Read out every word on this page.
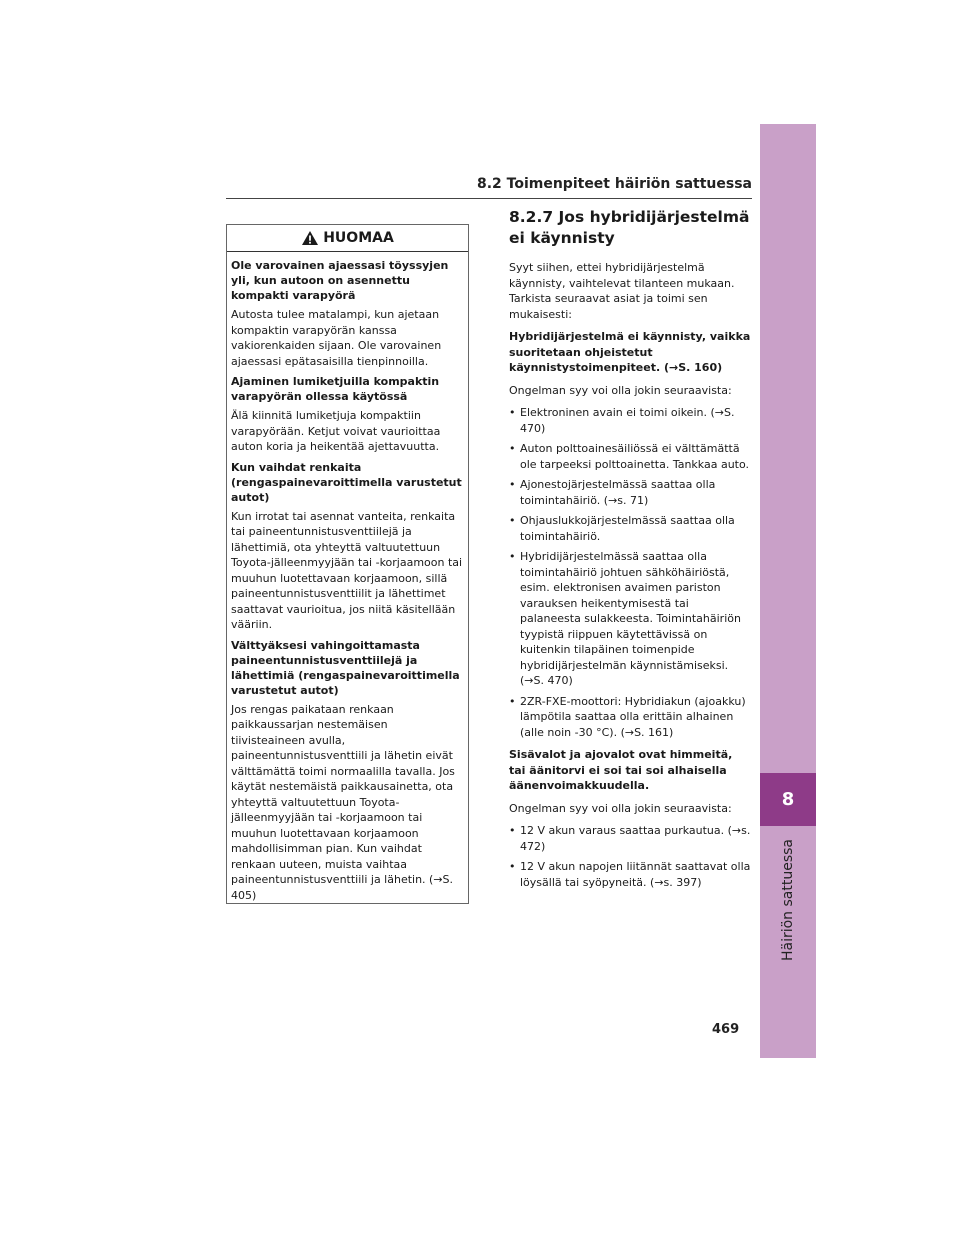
8.2 Toimenpiteet häiriön sattuessa
8
Häiriön sattuessa
HUOMAA

Ole varovainen ajaessasi töyssyjen yli, kun autoon on asennettu kompakti varapyörä

Autosta tulee matalampi, kun ajetaan kompaktin varapyörän kanssa vakiorenkaiden sijaan. Ole varovainen ajaessasi epätasaisilla tienpinnoilla.

Ajaminen lumiketjuilla kompaktin varapyörän ollessa käytössä

Älä kiinnitä lumiketjuja kompaktiin varapyörään. Ketjut voivat vaurioittaa auton koria ja heikentää ajettavuutta.

Kun vaihdat renkaita (rengaspainevaroittimella varustetut autot)

Kun irrotat tai asennat vanteita, renkaita tai paineentunnistusventtiilejä ja lähettimiä, ota yhteyttä valtuutettuun Toyota-jälleenmyyjään tai -korjaamoon tai muuhun luotettavaan korjaamoon, sillä paineentunnistusventtiilit ja lähettimet saattavat vaurioitua, jos niitä käsitellään vääriin.

Välttyäksesi vahingoittamasta paineentunnistusventtiilejä ja lähettimiä (rengaspainevaroittimella varustetut autot)

Jos rengas paikataan renkaan paikkaussarjan nestemäisen tiivisteaineen avulla, paineentunnistusventtiili ja lähetin eivät välttämättä toimi normaalilla tavalla. Jos käytät nestemäistä paikkausainetta, ota yhteyttä valtuutettuun Toyota-jälleenmyyjään tai -korjaamoon tai muuhun luotettavaan korjaamoon mahdollisimman pian. Kun vaihdat renkaan uuteen, muista vaihtaa paineentunnistusventtiili ja lähetin. (→S. 405)

8.2.7 Jos hybridijärjestelmä ei käynnisty

Syyt siihen, ettei hybridijärjestelmä käynnisty, vaihtelevat tilanteen mukaan. Tarkista seuraavat asiat ja toimi sen mukaisesti:

Hybridijärjestelmä ei käynnisty, vaikka suoritetaan ohjeistetut käynnistystoimenpiteet. (→S. 160)

Ongelman syy voi olla jokin seuraavista:

• Elektroninen avain ei toimi oikein. (→S. 470)
• Auton polttoainesäiliössä ei välttämättä ole tarpeeksi polttoainetta. Tankkaa auto.
• Ajonestojärjestelmässä saattaa olla toimintahäiriö. (→s. 71)
• Ohjauslukkojärjestelmässä saattaa olla toimintahäiriö.
• Hybridijärjestelmässä saattaa olla toimintahäiriö johtuen sähköhäiriöstä, esim. elektronisen avaimen pariston varauksen heikentymisestä tai palaneesta sulakkeesta. Toimintahäiriön tyypistä riippuen käytettävissä on kuitenkin tilapäinen toimenpide hybridijärjestelmän käynnistämiseksi. (→S. 470)
• 2ZR-FXE-moottori: Hybridiakun (ajoakku) lämpötila saattaa olla erittäin alhainen (alle noin -30 °C). (→S. 161)

Sisävalot ja ajovalot ovat himmeitä, tai äänitorvi ei soi tai soi alhaisella äänenvoimakkuudella.

Ongelman syy voi olla jokin seuraavista:

• 12 V akun varaus saattaa purkautua. (→s. 472)
• 12 V akun napojen liitännät saattavat olla löysällä tai syöpyneitä. (→s. 397)
469
